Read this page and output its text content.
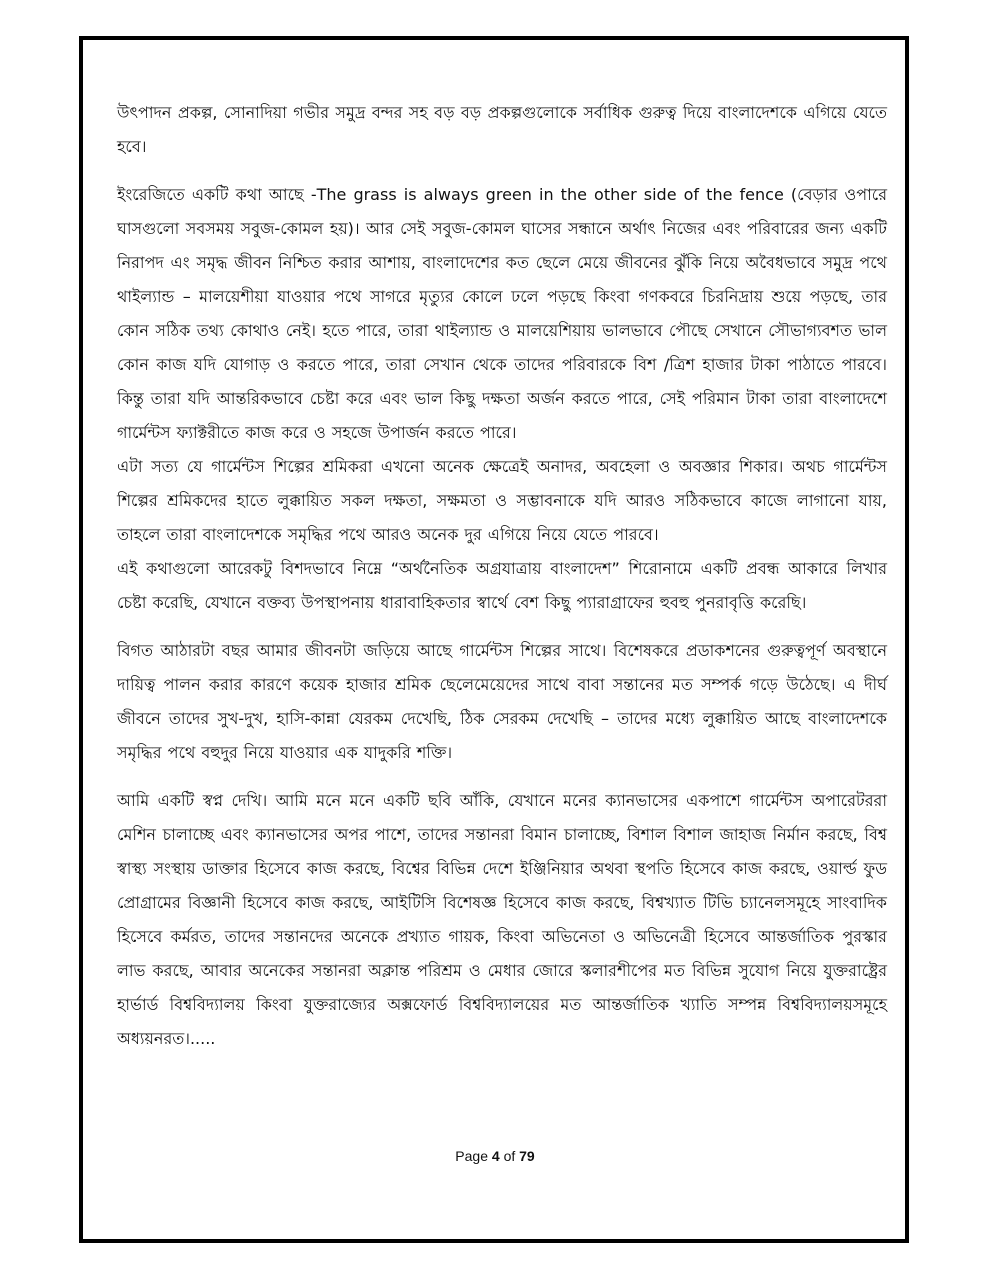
উৎপাদন প্রকল্প, সোনাদিয়া গভীর সমুদ্র বন্দর সহ বড় বড় প্রকল্পগুলোকে সর্বাধিক গুরুত্ব দিয়ে বাংলাদেশকে এগিয়ে যেতে হবে।

ইংরেজিতে একটি কথা আছে -The grass is always green in the other side of the fence (বেড়ার ওপারে ঘাসগুলো সবসময় সবুজ-কোমল হয়)। আর সেই সবুজ-কোমল ঘাসের সন্ধানে অর্থাৎ নিজের এবং পরিবারের জন্য একটি নিরাপদ এং সমৃদ্ধ জীবন নিশ্চিত করার আশায়, বাংলাদেশের কত ছেলে মেয়ে জীবনের ঝুঁকি নিয়ে অবৈধভাবে সমুদ্র পথে থাইল্যান্ড – মালয়েশীয়া যাওয়ার পথে সাগরে মৃত্যুর কোলে ঢলে পড়ছে কিংবা গণকবরে চিরনিদ্রায় শুয়ে পড়ছে, তার কোন সঠিক তথ্য কোথাও নেই। হতে পারে, তারা থাইল্যান্ড ও মালয়েশিয়ায় ভালভাবে পৌছে সেখানে সৌভাগ্যবশত ভাল কোন কাজ যদি যোগাড় ও করতে পারে, তারা সেখান থেকে তাদের পরিবারকে বিশ /ত্রিশ হাজার টাকা পাঠাতে পারবে। কিন্তু তারা যদি আন্তরিকভাবে চেষ্টা করে এবং ভাল কিছু দক্ষতা অর্জন করতে পারে, সেই পরিমান টাকা তারা বাংলাদেশে গার্মেন্টস ফ্যাক্টরীতে কাজ করে ও সহজে উপার্জন করতে পারে।

এটা সত্য যে গার্মেন্টস শিল্পের শ্রমিকরা এখনো অনেক ক্ষেত্রেই অনাদর, অবহেলা ও অবজ্ঞার শিকার। অথচ গার্মেন্টস শিল্পের শ্রমিকদের হাতে লুক্কায়িত সকল দক্ষতা, সক্ষমতা ও সম্ভাবনাকে যদি আরও সঠিকভাবে কাজে লাগানো যায়, তাহলে তারা বাংলাদেশকে সমৃদ্ধির পথে আরও অনেক দুর এগিয়ে নিয়ে যেতে পারবে।

এই কথাগুলো আরেকটু বিশদভাবে নিম্নে “অর্থনৈতিক অগ্রযাত্রায় বাংলাদেশ” শিরোনামে একটি প্রবন্ধ আকারে লিখার চেষ্টা করেছি, যেখানে বক্তব্য উপস্থাপনায় ধারাবাহিকতার স্বার্থে বেশ কিছু প্যারাগ্রাফের হুবহু পুনরাবৃত্তি করেছি।

বিগত আঠারটা বছর আমার জীবনটা জড়িয়ে আছে গার্মেন্টস শিল্পের সাথে। বিশেষকরে প্রডাকশনের গুরুত্বপূর্ণ অবস্থানে দায়িত্ব পালন করার কারণে কয়েক হাজার শ্রমিক ছেলেমেয়েদের সাথে বাবা সন্তানের মত সম্পর্ক গড়ে উঠেছে। এ দীর্ঘ জীবনে তাদের সুখ-দুখ, হাসি-কান্না যেরকম দেখেছি, ঠিক সেরকম দেখেছি – তাদের মধ্যে লুক্কায়িত আছে বাংলাদেশকে সমৃদ্ধির পথে বহুদুর নিয়ে যাওয়ার এক যাদুকরি শক্তি।

আমি একটি স্বপ্ন দেখি। আমি মনে মনে একটি ছবি আঁকি, যেখানে মনের ক্যানভাসের একপাশে গার্মেন্টস অপারেটররা মেশিন চালাচ্ছে এবং ক্যানভাসের অপর পাশে, তাদের সন্তানরা বিমান চালাচ্ছে, বিশাল বিশাল জাহাজ নির্মান করছে, বিশ্ব স্বাস্থ্য সংস্থায় ডাক্তার হিসেবে কাজ করছে, বিশ্বের বিভিন্ন দেশে ইঞ্জিনিয়ার অথবা স্থপতি হিসেবে কাজ করছে, ওয়ার্ল্ড ফুড প্রোগ্রামের বিজ্ঞানী হিসেবে কাজ করছে, আইটিসি বিশেষজ্ঞ হিসেবে কাজ করছে, বিশ্বখ্যাত টিভি চ্যানেলসমূহে সাংবাদিক হিসেবে কর্মরত, তাদের সন্তানদের অনেকে প্রখ্যাত গায়ক, কিংবা অভিনেতা ও অভিনেত্রী হিসেবে আন্তর্জাতিক পুরস্কার লাভ করছে, আবার অনেকের সন্তানরা অক্লান্ত পরিশ্রম ও মেধার জোরে স্কলারশীপের মত বিভিন্ন সুযোগ নিয়ে যুক্তরাষ্ট্রের হার্ভার্ড বিশ্ববিদ্যালয় কিংবা যুক্তরাজ্যের অক্সফোর্ড বিশ্ববিদ্যালয়ের মত আন্তর্জাতিক খ্যাতি সম্পন্ন বিশ্ববিদ্যালয়সমূহে অধ্যয়নরত।.....

Page 4 of 79
